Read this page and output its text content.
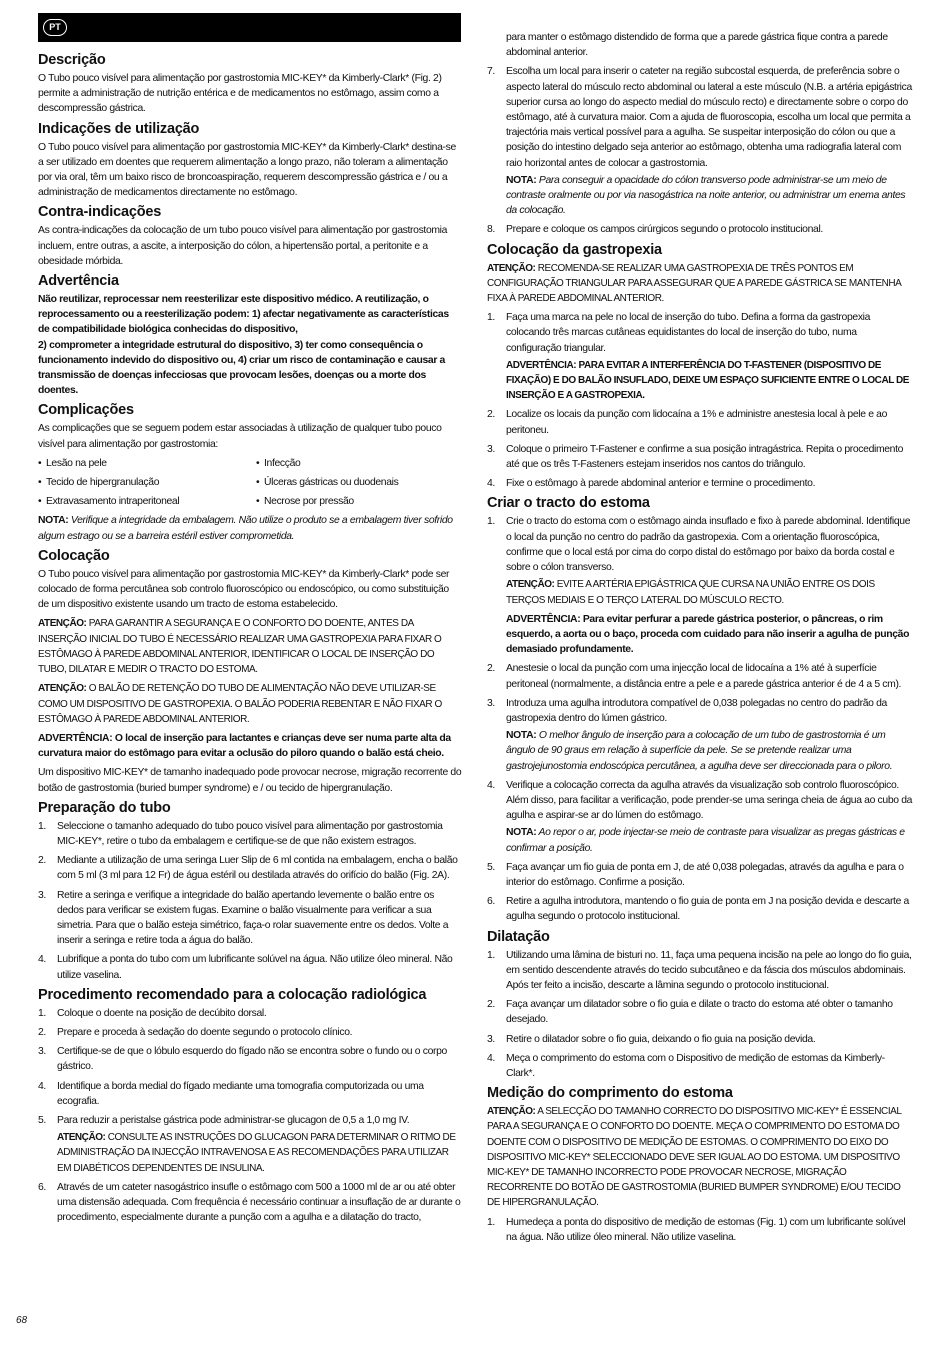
PT
Descrição

O Tubo pouco visível para alimentação por gastrostomia MIC-KEY* da Kimberly-Clark* (Fig. 2) permite a administração de nutrição entérica e de medicamentos no estômago, assim como a descompressão gástrica.

Indicações de utilização

O Tubo pouco visível para alimentação por gastrostomia MIC-KEY* da Kimberly-Clark* destina-se a ser utilizado em doentes que requerem alimentação a longo prazo, não toleram a alimentação por via oral, têm um baixo risco de broncoaspiração, requerem descompressão gástrica e / ou a administração de medicamentos directamente no estômago.

Contra-indicações

As contra-indicações da colocação de um tubo pouco visível para alimentação por gastrostomia incluem, entre outras, a ascite, a interposição do cólon, a hipertensão portal, a peritonite e a obesidade mórbida.

Advertência

Não reutilizar, reprocessar nem reesterilizar este dispositivo médico. A reutilização, o reprocessamento ou a reesterilização podem: 1) afectar negativamente as características de compatibilidade biológica conhecidas do dispositivo,

2) comprometer a integridade estrutural do dispositivo, 3) ter como consequência o funcionamento indevido do dispositivo ou, 4) criar um risco de contaminação e causar a transmissão de doenças infecciosas que provocam lesões, doenças ou a morte dos doentes.

Complicações

As complicações que se seguem podem estar associadas à utilização de qualquer tubo pouco visível para alimentação por gastrostomia:

• Lesão na pele	• Infecção
• Tecido de hipergranulação	• Úlceras gástricas ou duodenais
• Extravasamento intraperitoneal	• Necrose por pressão

NOTA: Verifique a integridade da embalagem. Não utilize o produto se a embalagem tiver sofrido algum estrago ou se a barreira estéril estiver comprometida.

Colocação

O Tubo pouco visível para alimentação por gastrostomia MIC-KEY* da Kimberly-Clark* pode ser colocado de forma percutânea sob controlo fluoroscópico ou endoscópico, ou como substituição de um dispositivo existente usando um tracto de estoma estabelecido.

ATENÇÃO: PARA GARANTIR A SEGURANÇA E O CONFORTO DO DOENTE, ANTES DA INSERÇÃO INICIAL DO TUBO É NECESSÁRIO REALIZAR UMA GASTROPEXIA PARA FIXAR O ESTÔMAGO À PAREDE ABDOMINAL ANTERIOR, IDENTIFICAR O LOCAL DE INSERÇÃO DO TUBO, DILATAR E MEDIR O TRACTO DO ESTOMA.

ATENÇÃO: O BALÃO DE RETENÇÃO DO TUBO DE ALIMENTAÇÃO NÃO DEVE UTILIZAR-SE COMO UM DISPOSITIVO DE GASTROPEXIA. O BALÃO PODERIA REBENTAR E NÃO FIXAR O ESTÔMAGO À PAREDE ABDOMINAL ANTERIOR.

ADVERTÊNCIA: O local de inserção para lactantes e crianças deve ser numa parte alta da curvatura maior do estômago para evitar a oclusão do piloro quando o balão está cheio.

Um dispositivo MIC-KEY* de tamanho inadequado pode provocar necrose, migração recorrente do botão de gastrostomia (buried bumper syndrome) e / ou tecido de hipergranulação.

Preparação do tubo
1. Seleccione o tamanho adequado do tubo pouco visível para alimentação por gastrostomia MIC-KEY*, retire o tubo da embalagem e certifique-se de que não existem estragos.
2. Mediante a utilização de uma seringa Luer Slip de 6 ml contida na embalagem, encha o balão com 5 ml (3 ml para 12 Fr) de água estéril ou destilada através do orifício do balão (Fig. 2A).
3. Retire a seringa e verifique a integridade do balão apertando levemente o balão entre os dedos para verificar se existem fugas. Examine o balão visualmente para verificar a sua simetria. Para que o balão esteja simétrico, faça-o rolar suavemente entre os dedos. Volte a inserir a seringa e retire toda a água do balão.
4. Lubrifique a ponta do tubo com um lubrificante solúvel na água. Não utilize óleo mineral. Não utilize vaselina.
Procedimento recomendado para a colocação radiológica
1. Coloque o doente na posição de decúbito dorsal.
2. Prepare e proceda à sedação do doente segundo o protocolo clínico.
3. Certifique-se de que o lóbulo esquerdo do fígado não se encontra sobre o fundo ou o corpo gástrico.
4. Identifique a borda medial do fígado mediante uma tomografia computorizada ou uma ecografia.
5. Para reduzir a peristalse gástrica pode administrar-se glucagon de 0,5 a 1,0 mg IV.

ATENÇÃO: CONSULTE AS INSTRUÇÕES DO GLUCAGON PARA DETERMINAR O RITMO DE ADMINISTRAÇÃO DA INJECÇÃO INTRAVENOSA E AS RECOMENDAÇÕES PARA UTILIZAR EM DIABÉTICOS DEPENDENTES DE INSULINA.

6. Através de um cateter nasogástrico insufle o estômago com 500 a 1000 ml de ar ou até obter uma distensão adequada. Com frequência é necessário continuar a insuflação de ar durante o procedimento, especialmente durante a punção com a agulha e a dilatação do tracto,
para manter o estômago distendido de forma que a parede gástrica fique contra a parede abdominal anterior.
7. Escolha um local para inserir o cateter na região subcostal esquerda, de preferência sobre o aspecto lateral do músculo recto abdominal ou lateral a este músculo (N.B. a artéria epigástrica superior cursa ao longo do aspecto medial do músculo recto) e directamente sobre o corpo do estômago, até à curvatura maior. Com a ajuda de fluoroscopia, escolha um local que permita a trajectória mais vertical possível para a agulha. Se suspeitar interposição do cólon ou que a posição do intestino delgado seja anterior ao estômago, obtenha uma radiografia lateral com raio horizontal antes de colocar a gastrostomia.

NOTA: Para conseguir a opacidade do cólon transverso pode administrar-se um meio de contraste oralmente ou por via nasogástrica na noite anterior, ou administrar um enema antes da colocação.

8. Prepare e coloque os campos cirúrgicos segundo o protocolo institucional.
Colocação da gastropexia

ATENÇÃO: RECOMENDA-SE REALIZAR UMA GASTROPEXIA DE TRÊS PONTOS EM CONFIGURAÇÃO TRIANGULAR PARA ASSEGURAR QUE A PAREDE GÁSTRICA SE MANTENHA FIXA À PAREDE ABDOMINAL ANTERIOR.

1. Faça uma marca na pele no local de inserção do tubo. Defina a forma da gastropexia colocando três marcas cutâneas equidistantes do local de inserção do tubo, numa configuração triangular.

ADVERTÊNCIA: PARA EVITAR A INTERFERÊNCIA DO T-FASTENER (DISPOSITIVO DE FIXAÇÃO) E DO BALÃO INSUFLADO, DEIXE UM ESPAÇO SUFICIENTE ENTRE O LOCAL DE INSERÇÃO E A GASTROPEXIA.

2. Localize os locais da punção com lidocaína a 1% e administre anestesia local à pele e ao peritoneu.
3. Coloque o primeiro T-Fastener e confirme a sua posição intragástrica. Repita o procedimento até que os três T-Fasteners estejam inseridos nos cantos do triângulo.
4. Fixe o estômago à parede abdominal anterior e termine o procedimento.
Criar o tracto do estoma
1. Crie o tracto do estoma com o estômago ainda insuflado e fixo à parede abdominal. Identifique o local da punção no centro do padrão da gastropexia. Com a orientação fluoroscópica, confirme que o local está por cima do corpo distal do estômago por baixo da borda costal e sobre o cólon transverso.

ATENÇÃO: EVITE A ARTÉRIA EPIGÁSTRICA QUE CURSA NA UNIÃO ENTRE OS DOIS TERÇOS MEDIAIS E O TERÇO LATERAL DO MÚSCULO RECTO.

ADVERTÊNCIA: Para evitar perfurar a parede gástrica posterior, o pâncreas, o rim esquerdo, a aorta ou o baço, proceda com cuidado para não inserir a agulha de punção demasiado profundamente.

2. Anestesie o local da punção com uma injecção local de lidocaína a 1% até à superfície peritoneal (normalmente, a distância entre a pele e a parede gástrica anterior é de 4 a 5 cm).
3. Introduza uma agulha introdutora compatível de 0,038 polegadas no centro do padrão da gastropexia dentro do lúmen gástrico.

NOTA: O melhor ângulo de inserção para a colocação de um tubo de gastrostomia é um ângulo de 90 graus em relação à superfície da pele. Se se pretende realizar uma gastrojejunostomia endoscópica percutânea, a agulha deve ser direccionada para o piloro.

4. Verifique a colocação correcta da agulha através da visualização sob controlo fluoroscópico. Além disso, para facilitar a verificação, pode prender-se uma seringa cheia de água ao cubo da agulha e aspirar-se ar do lúmen do estômago.

NOTA: Ao repor o ar, pode injectar-se meio de contraste para visualizar as pregas gástricas e confirmar a posição.

5. Faça avançar um fio guia de ponta em J, de até 0,038 polegadas, através da agulha e para o interior do estômago. Confirme a posição.
6. Retire a agulha introdutora, mantendo o fio guia de ponta em J na posição devida e descarte a agulha segundo o protocolo institucional.
Dilatação
1. Utilizando uma lâmina de bisturi no. 11, faça uma pequena incisão na pele ao longo do fio guia, em sentido descendente através do tecido subcutâneo e da fáscia dos músculos abdominais. Após ter feito a incisão, descarte a lâmina segundo o protocolo institucional.
2. Faça avançar um dilatador sobre o fio guia e dilate o tracto do estoma até obter o tamanho desejado.
3. Retire o dilatador sobre o fio guia, deixando o fio guia na posição devida.
4. Meça o comprimento do estoma com o Dispositivo de medição de estomas da Kimberly-Clark*.
Medição do comprimento do estoma

ATENÇÃO: A SELECÇÃO DO TAMANHO CORRECTO DO DISPOSITIVO MIC-KEY* É ESSENCIAL PARA A SEGURANÇA E O CONFORTO DO DOENTE. MEÇA O COMPRIMENTO DO ESTOMA DO DOENTE COM O DISPOSITIVO DE MEDIÇÃO DE ESTOMAS. O COMPRIMENTO DO EIXO DO DISPOSITIVO MIC-KEY* SELECCIONADO DEVE SER IGUAL AO DO ESTOMA. UM DISPOSITIVO MIC-KEY* DE TAMANHO INCORRECTO PODE PROVOCAR NECROSE, MIGRAÇÃO RECORRENTE DO BOTÃO DE GASTROSTOMIA (BURIED BUMPER SYNDROME) E/OU TECIDO DE HIPERGRANULAÇÃO.

1. Humedeça a ponta do dispositivo de medição de estomas (Fig. 1) com um lubrificante solúvel na água. Não utilize óleo mineral. Não utilize vaselina.
68
